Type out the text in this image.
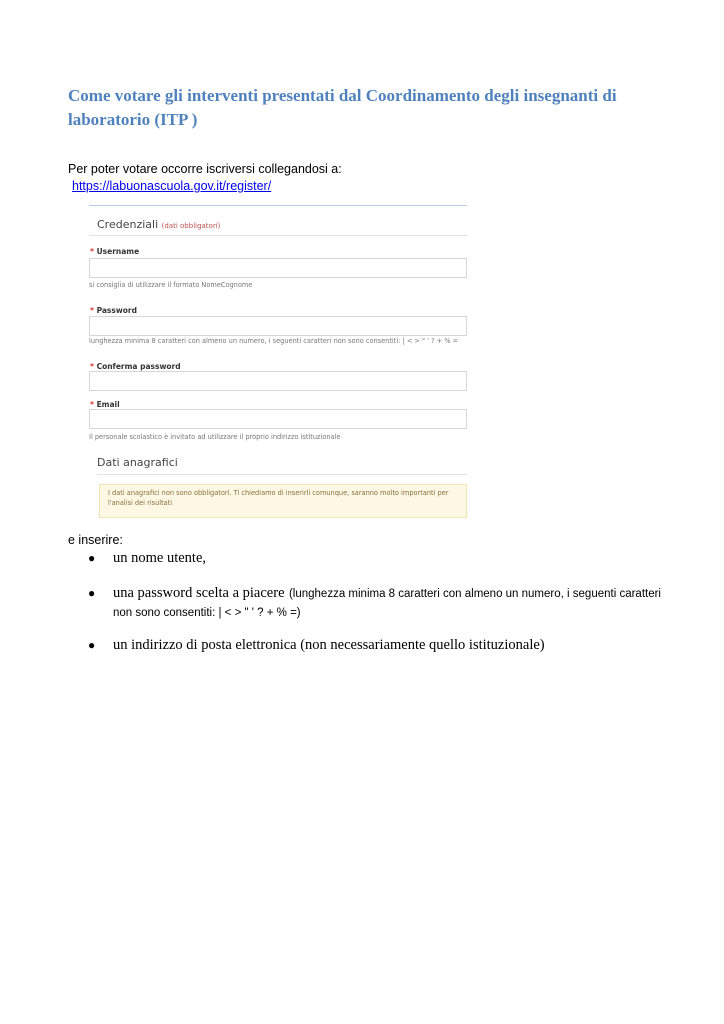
Come votare gli interventi presentati dal Coordinamento degli insegnanti di laboratorio (ITP )
Per poter votare occorre iscriversi collegandosi a:
https://labuonascuola.gov.it/register/
Credenziali (dati obbligatori)
* Username
si consiglia di utilizzare il formato NomeCognome
* Password
lunghezza minima 8 caratteri con almeno un numero, i seguenti caratteri non sono consentiti: | < > " ' ? + % =
* Conferma password
* Email
Il personale scolastico è invitato ad utilizzare il proprio indirizzo istituzionale
Dati anagrafici
I dati anagrafici non sono obbligatori. Ti chiediamo di inserirli comunque, saranno molto importanti per l'analisi dei risultati
e inserire:
● un nome utente,
● una password scelta a piacere (lunghezza minima 8 caratteri con almeno un numero, i seguenti caratteri non sono consentiti: | < > " ' ? + % =)
● un indirizzo di posta elettronica (non necessariamente quello istituzionale)
